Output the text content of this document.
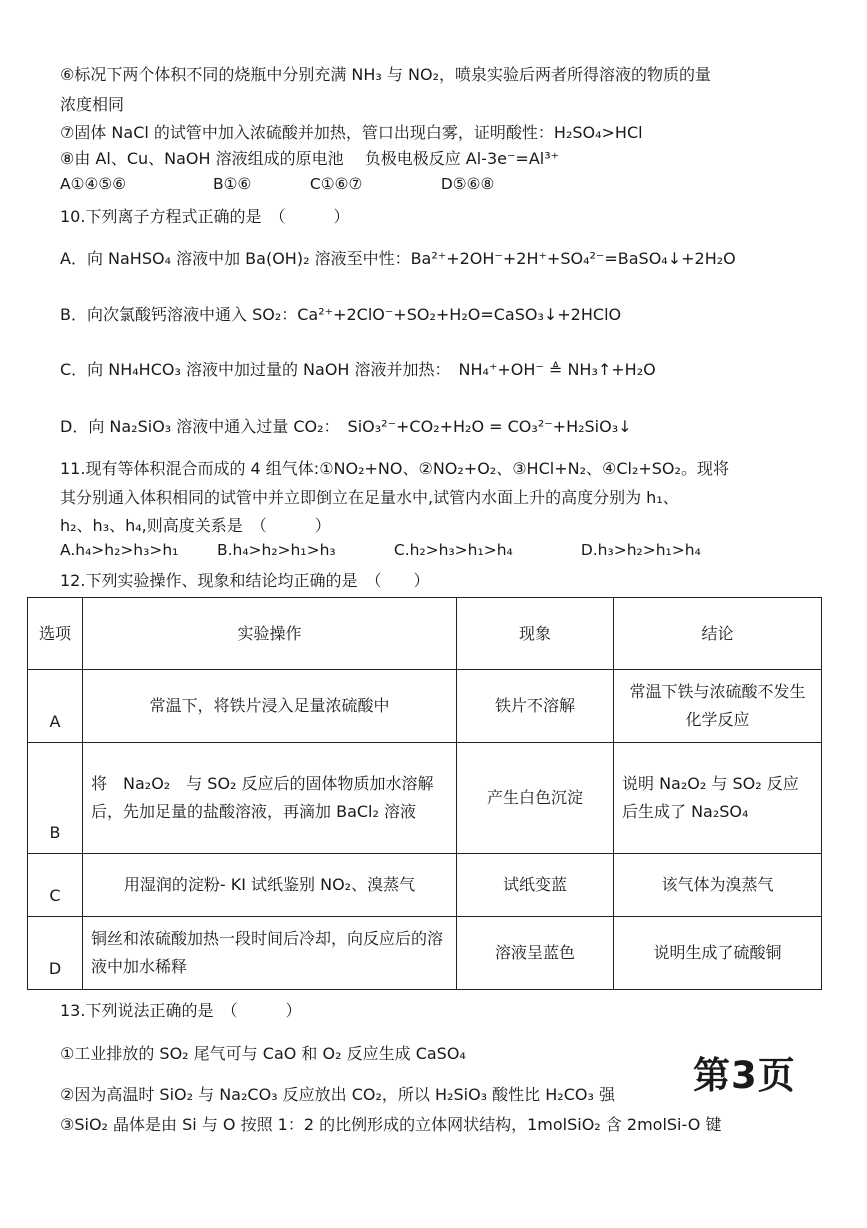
⑥标况下两个体积不同的烧瓶中分别充满 NH₃ 与 NO₂，喷泉实验后两者所得溶液的物质的量
浓度相同
⑦固体 NaCl 的试管中加入浓硫酸并加热，管口出现白雾，证明酸性：H₂SO₄>HCl
⑧由 Al、Cu、NaOH 溶液组成的原电池　 负极电极反应 Al-3e⁻=Al³⁺
A①④⑤⑥	B①⑥	C①⑥⑦	D⑤⑥⑧
10.下列离子方程式正确的是　（　　　）
A．向 NaHSO₄ 溶液中加 Ba(OH)₂ 溶液至中性：Ba²⁺+2OH⁻+2H⁺+SO₄²⁻=BaSO₄↓+2H₂O
B．向次氯酸钙溶液中通入 SO₂：Ca²⁺+2ClO⁻+SO₂+H₂O=CaSO₃↓+2HClO
C．向 NH₄HCO₃ 溶液中加过量的 NaOH 溶液并加热：　NH₄⁺+OH⁻ ≜ NH₃↑+H₂O
D．向 Na₂SiO₃ 溶液中通入过量 CO₂：　SiO₃²⁻+CO₂+H₂O = CO₃²⁻+H₂SiO₃↓
11.现有等体积混合而成的 4 组气体:①NO₂+NO、②NO₂+O₂、③HCl+N₂、④Cl₂+SO₂。现将
其分别通入体积相同的试管中并立即倒立在足量水中,试管内水面上升的高度分别为 h₁、
h₂、h₃、h₄,则高度关系是　（　　　）
A.h₄>h₂>h₃>h₁ B.h₄>h₂>h₁>h₃	C.h₂>h₃>h₁>h₄	D.h₃>h₂>h₁>h₄
12.下列实验操作、现象和结论均正确的是　（　　）
选项	实验操作	现象	结论
A	常温下，将铁片浸入足量浓硫酸中	铁片不溶解	常温下铁与浓硫酸不发生化学反应
B	将　Na₂O₂　与 SO₂ 反应后的固体物质加水溶解后，先加足量的盐酸溶液，再滴加 BaCl₂ 溶液	产生白色沉淀	说明 Na₂O₂ 与 SO₂ 反应后生成了 Na₂SO₄
C	用湿润的淀粉- KI 试纸鉴别 NO₂、溴蒸气	试纸变蓝	该气体为溴蒸气
D	铜丝和浓硫酸加热一段时间后冷却，向反应后的溶液中加水稀释	溶液呈蓝色	说明生成了硫酸铜
13.下列说法正确的是　（　　　）
①工业排放的 SO₂ 尾气可与 CaO 和 O₂ 反应生成 CaSO₄
②因为高温时 SiO₂ 与 Na₂CO₃ 反应放出 CO₂，所以 H₂SiO₃ 酸性比 H₂CO₃ 强
③SiO₂ 晶体是由 Si 与 O 按照 1：2 的比例形成的立体网状结构，1molSiO₂ 含 2molSi-O 键
第3页
